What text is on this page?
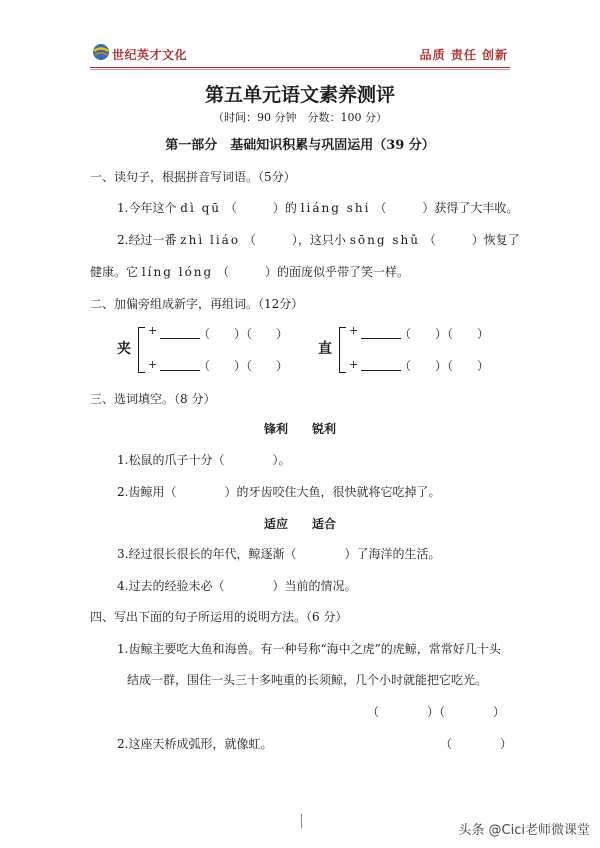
世纪英才文化	品质 责任 创新
第五单元语文素养测评
（时间：90 分钟　分数：100 分）
第一部分　基础知识积累与巩固运用（39 分）
一、读句子，根据拼音写词语。（5分）
1.今年这个 dì qū （　　　）的 liáng shi （　　　）获得了大丰收。
2.经过一番 zhì liáo （　　　），这只小 sōng shǔ （　　　）恢复了
健康。它 líng lóng （　　　）的面庞似乎带了笑一样。
二、加偏旁组成新字，再组词。（12分）
夹
+	（　　）（　　）
+	（　　）（　　）
直
+	（　　）（　　）
+	（　　）（　　）
三、选词填空。（8 分）
锋利　　锐利
1.松鼠的爪子十分（　　　　）。
2.齿鲸用（　　　　）的牙齿咬住大鱼，很快就将它吃掉了。
适应　　适合
3.经过很长很长的年代，鲸逐渐（　　　　）了海洋的生活。
4.过去的经验未必（　　　　）当前的情况。
四、写出下面的句子所运用的说明方法。（6 分）
1.齿鲸主要吃大鱼和海兽。有一种号称“海中之虎”的虎鲸，常常好几十头
结成一群，围住一头三十多吨重的长须鲸，几个小时就能把它吃光。
（　　　　）（　　　　）
2.这座天桥成弧形，就像虹。	（　　　　）
头条 @Cici老师微课堂
